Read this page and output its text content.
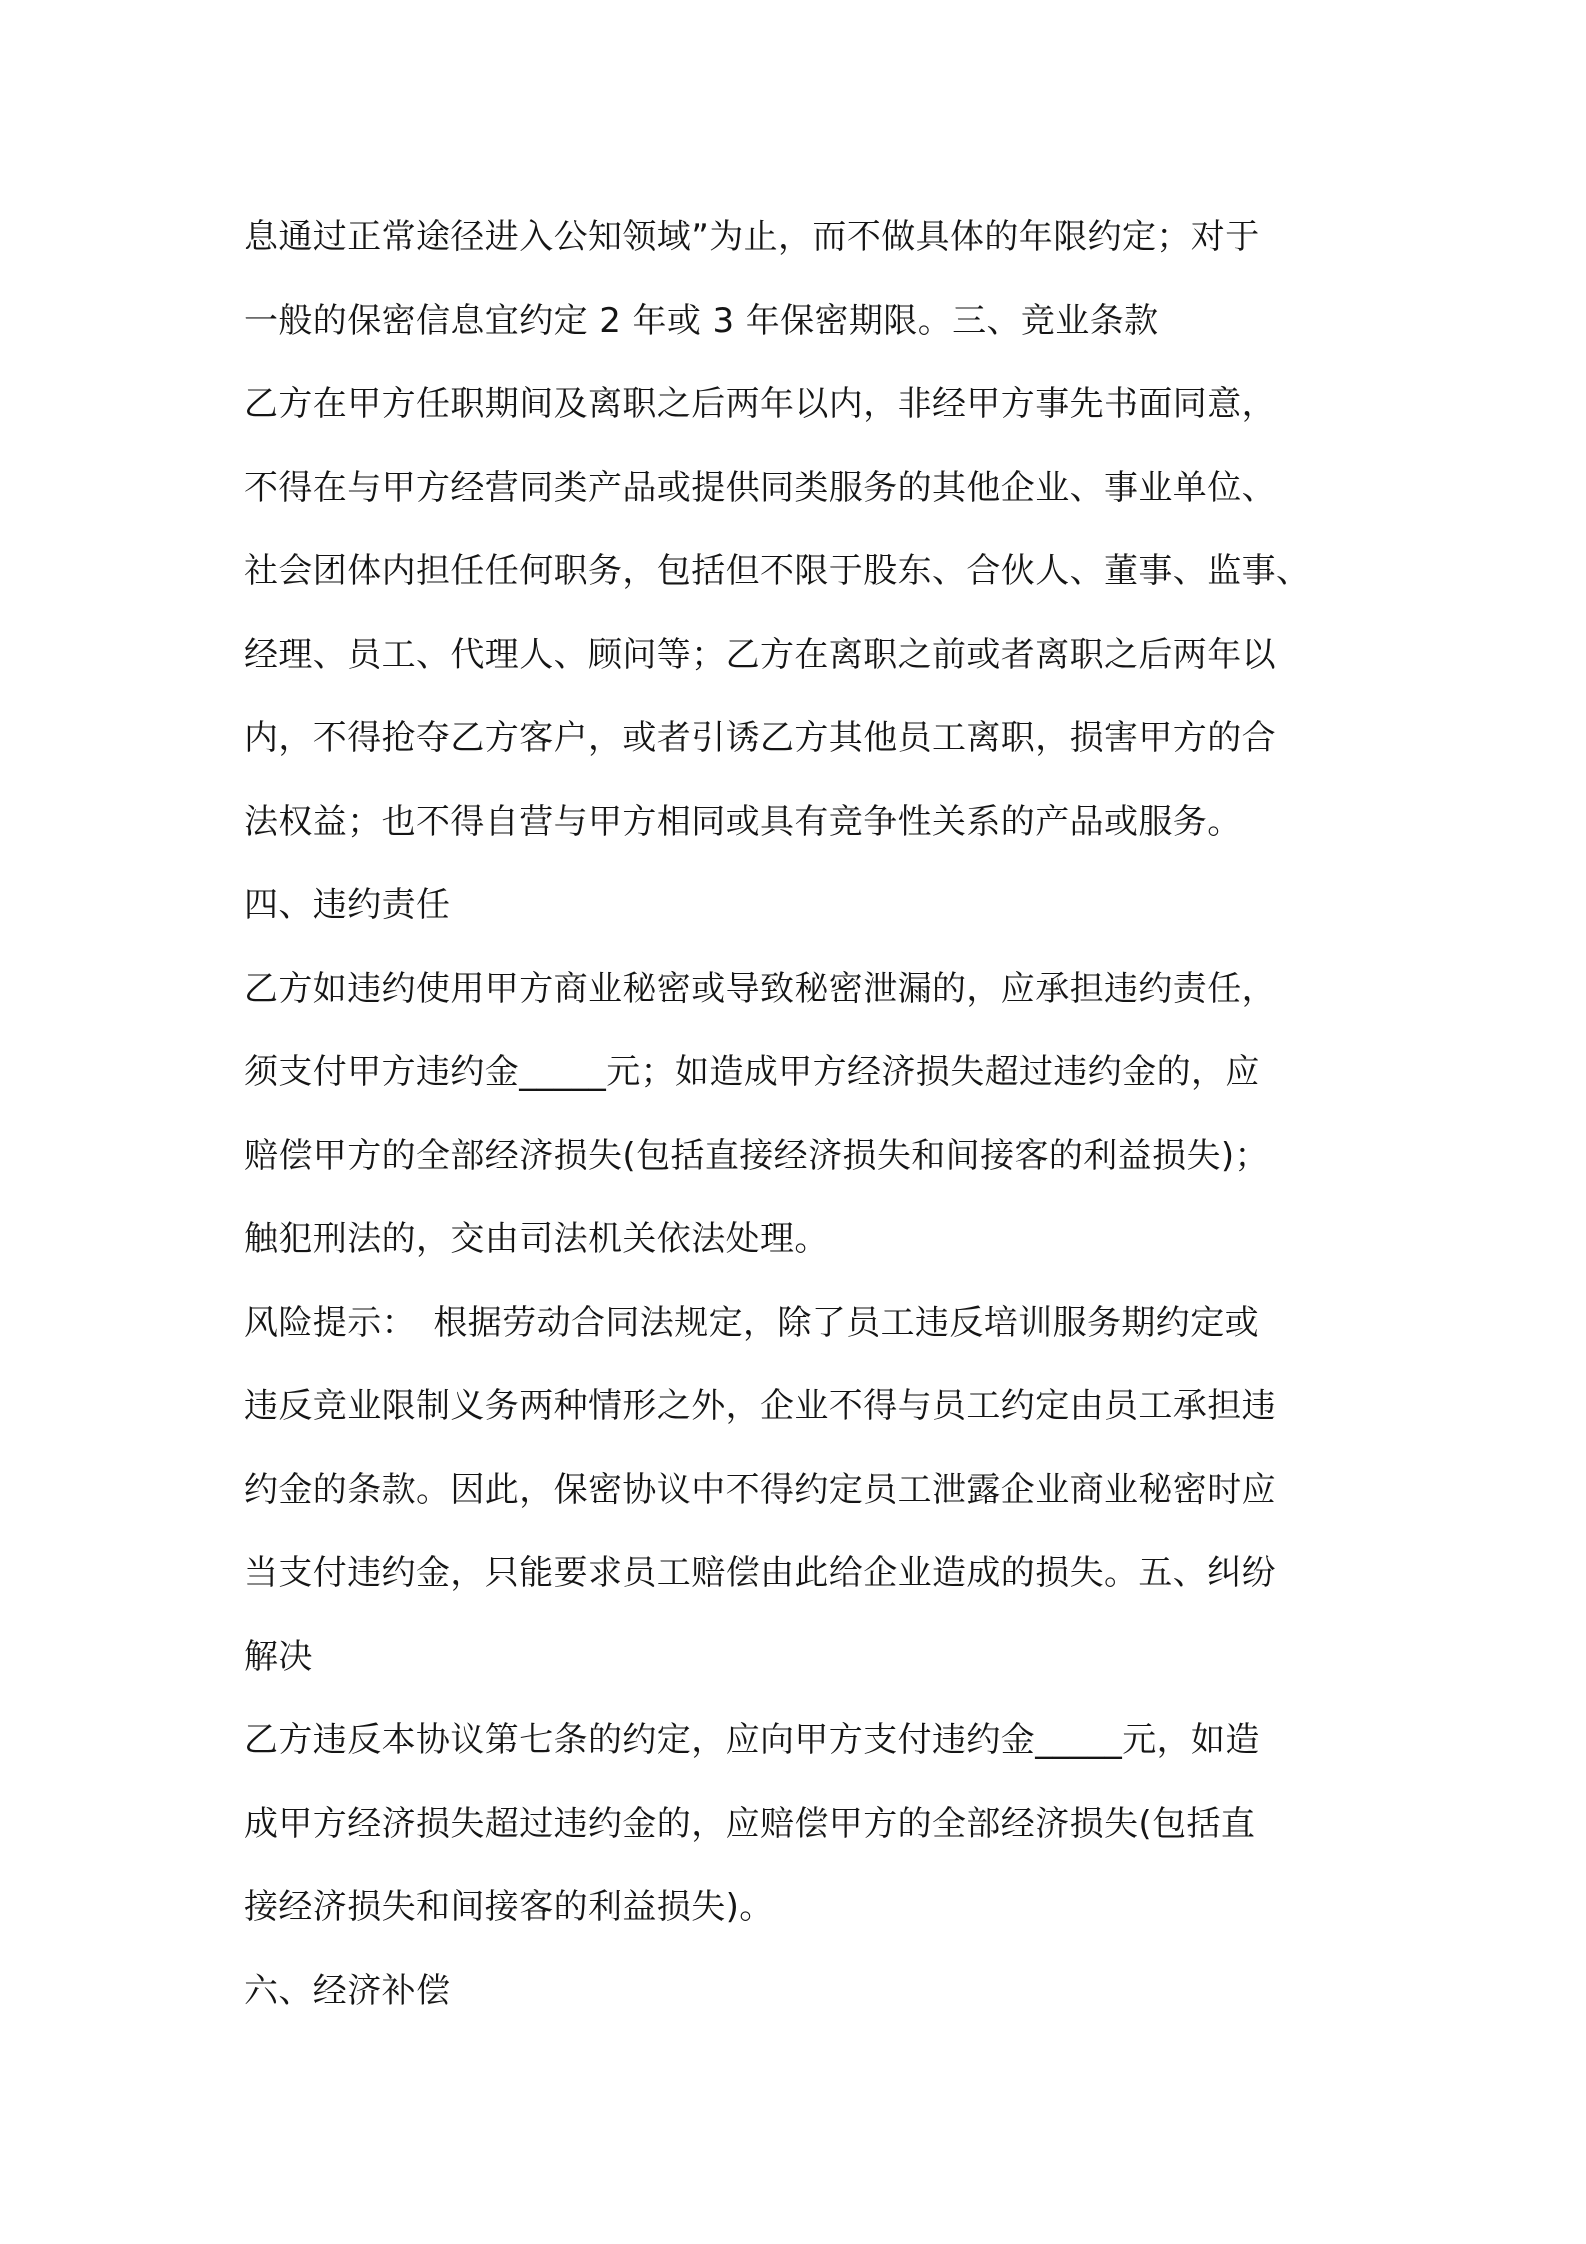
息通过正常途径进入公知领域”为止，而不做具体的年限约定；对于
一般的保密信息宜约定 2 年或 3 年保密期限。三、竞业条款
乙方在甲方任职期间及离职之后两年以内，非经甲方事先书面同意，
不得在与甲方经营同类产品或提供同类服务的其他企业、事业单位、
社会团体内担任任何职务，包括但不限于股东、合伙人、董事、监事、
经理、员工、代理人、顾问等；乙方在离职之前或者离职之后两年以
内，不得抢夺乙方客户，或者引诱乙方其他员工离职，损害甲方的合
法权益；也不得自营与甲方相同或具有竞争性关系的产品或服务。
四、违约责任
乙方如违约使用甲方商业秘密或导致秘密泄漏的，应承担违约责任，
须支付甲方违约金_____元；如造成甲方经济损失超过违约金的，应
赔偿甲方的全部经济损失(包括直接经济损失和间接客的利益损失)；
触犯刑法的，交由司法机关依法处理。
风险提示：　根据劳动合同法规定，除了员工违反培训服务期约定或
违反竞业限制义务两种情形之外，企业不得与员工约定由员工承担违
约金的条款。因此，保密协议中不得约定员工泄露企业商业秘密时应
当支付违约金，只能要求员工赔偿由此给企业造成的损失。五、纠纷
解决
乙方违反本协议第七条的约定，应向甲方支付违约金_____元，如造
成甲方经济损失超过违约金的，应赔偿甲方的全部经济损失(包括直
接经济损失和间接客的利益损失)。
六、经济补偿
